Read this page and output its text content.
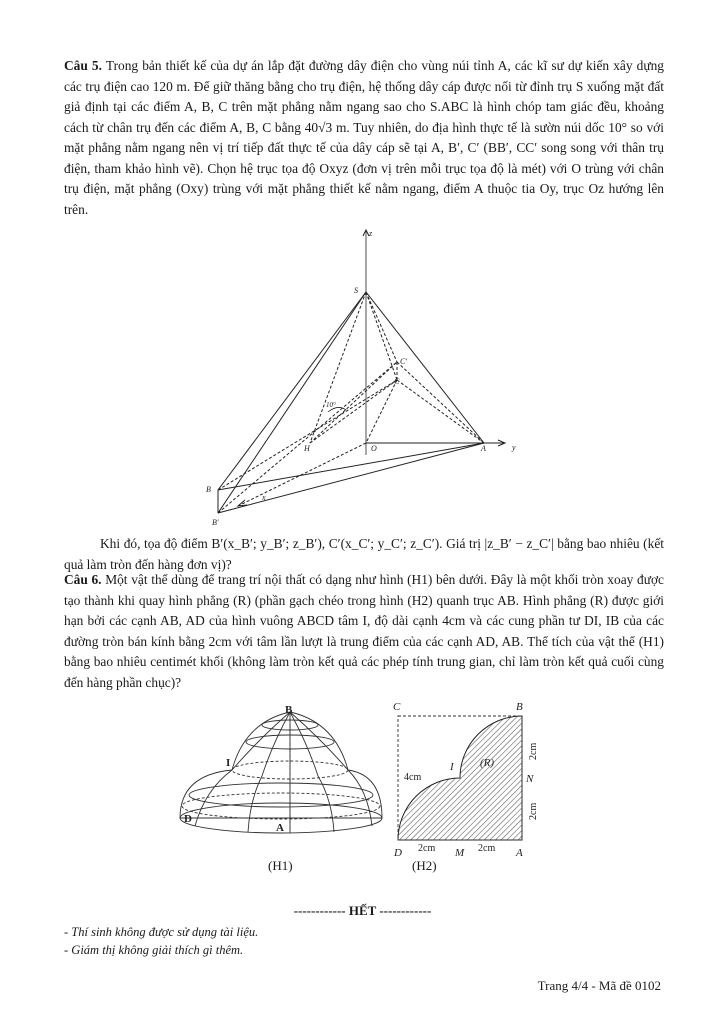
Câu 5. Trong bản thiết kế của dự án lắp đặt đường dây điện cho vùng núi tỉnh A, các kĩ sư dự kiến xây dựng các trụ điện cao 120 m. Để giữ thăng bằng cho trụ điện, hệ thống dây cáp được nối từ đỉnh trụ S xuống mặt đất giả định tại các điểm A, B, C trên mặt phẳng nằm ngang sao cho S.ABC là hình chóp tam giác đều, khoảng cách từ chân trụ đến các điểm A, B, C bằng 40√3 m. Tuy nhiên, do địa hình thực tế là sườn núi dốc 10° so với mặt phẳng nằm ngang nên vị trí tiếp đất thực tế của dây cáp sẽ tại A, B′, C′ (BB′, CC′ song song với thân trụ điện, tham khảo hình vẽ). Chọn hệ trục tọa độ Oxyz (đơn vị trên mỗi trục tọa độ là mét) với O trùng với chân trụ điện, mặt phẳng (Oxy) trùng với mặt phẳng thiết kế nằm ngang, điểm A thuộc tia Oy, trục Oz hướng lên trên.
z
S
C′
C
10°
H	O	A	y
B
x
B′
Khi đó, tọa độ điểm B′(x_B′; y_B′; z_B′), C′(x_C′; y_C′; z_C′). Giá trị |z_B′ − z_C′| bằng bao nhiêu (kết quả làm tròn đến hàng đơn vị)?
Câu 6. Một vật thể dùng để trang trí nội thất có dạng như hình (H1) bên dưới. Đây là một khối tròn xoay được tạo thành khi quay hình phẳng (R) (phần gạch chéo trong hình (H2) quanh trục AB. Hình phẳng (R) được giới hạn bởi các cạnh AB, AD của hình vuông ABCD tâm I, độ dài cạnh 4cm và các cung phần tư DI, IB của các đường tròn bán kính bằng 2cm với tâm lần lượt là trung điểm của các cạnh AD, AB. Thể tích của vật thể (H1) bằng bao nhiêu centimét khối (không làm tròn kết quả các phép tính trung gian, chỉ làm tròn kết quả cuối cùng đến hàng phần chục)?
B
I
D
A
C	B
I (R)
N
D	M	A
4cm
2cm
2cm
2cm	2cm
(H1)	(H2)
------------ HẾT ------------
- Thí sinh không được sử dụng tài liệu.
- Giám thị không giải thích gì thêm.
Trang 4/4 - Mã đề 0102
